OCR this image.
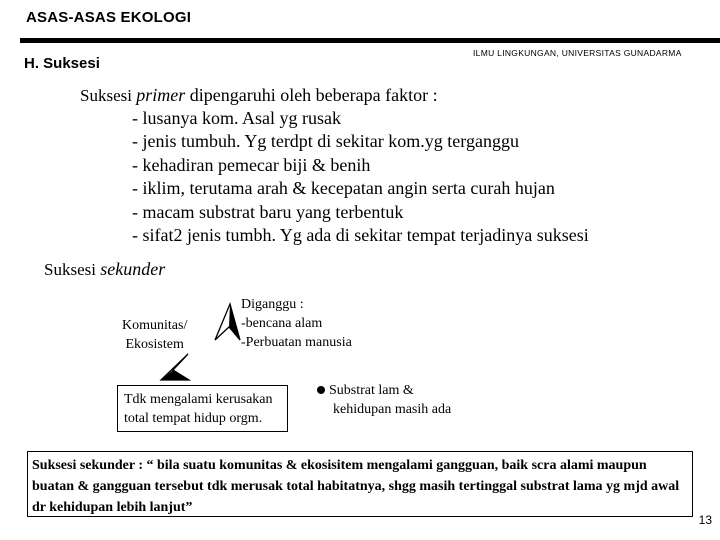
ASAS-ASAS EKOLOGI
ILMU LINGKUNGAN, UNIVERSITAS GUNADARMA
H. Suksesi
Suksesi primer dipengaruhi oleh beberapa faktor :
- lusanya kom. Asal yg rusak
- jenis tumbuh. Yg terdpt di sekitar kom.yg terganggu
- kehadiran pemecar biji & benih
- iklim, terutama arah & kecepatan angin serta curah hujan
- macam substrat baru yang terbentuk
- sifat2 jenis tumbh. Yg ada di sekitar tempat terjadinya suksesi
Suksesi sekunder
Komunitas/
Ekosistem
Diganggu :
-bencana alam
-Perbuatan manusia
Tdk mengalami kerusakan
total tempat hidup orgm.
Substrat lam &
kehidupan masih ada
Suksesi sekunder : “ bila suatu komunitas & ekosisitem mengalami gangguan, baik scra alami maupun buatan & gangguan tersebut tdk merusak total habitatnya, shgg masih tertinggal substrat lama yg mjd awal dr kehidupan lebih lanjut”
13
